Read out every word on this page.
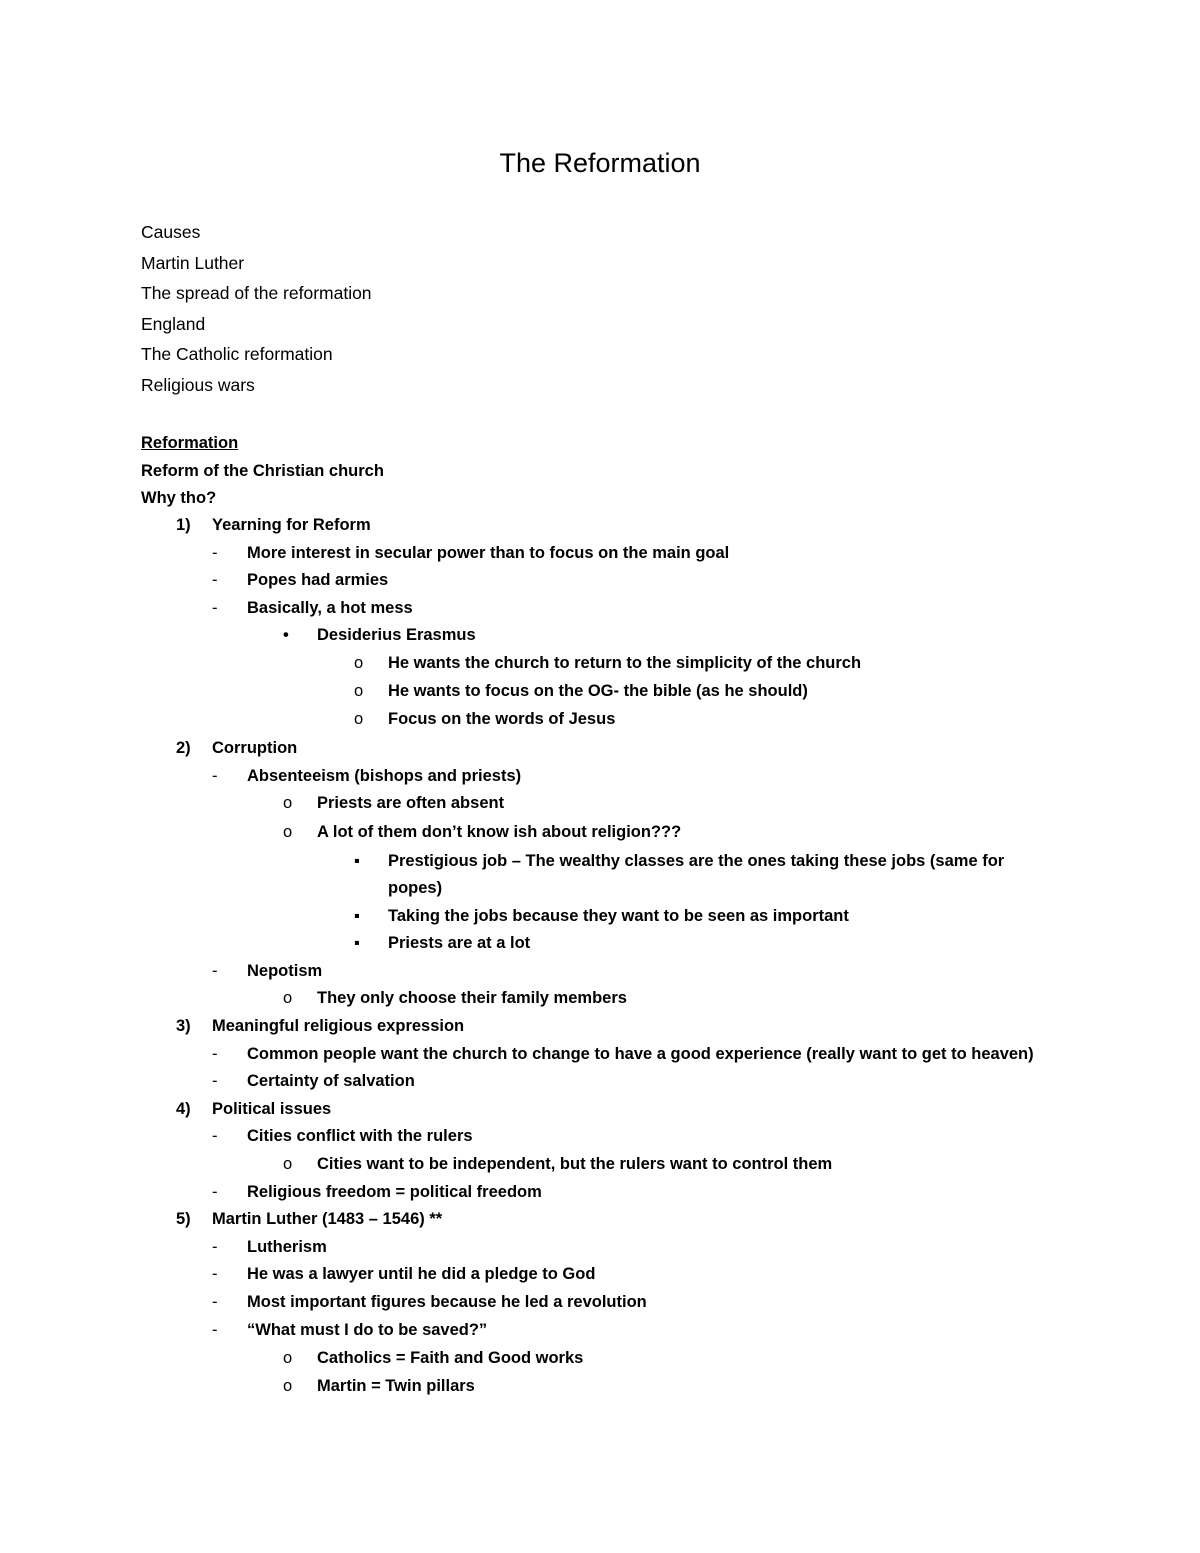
The Reformation
Causes
Martin Luther
The spread of the reformation
England
The Catholic reformation
Religious wars
Reformation
Reform of the Christian church
Why tho?
1) Yearning for Reform
- More interest in secular power than to focus on the main goal
- Popes had armies
- Basically, a hot mess
• Desiderius Erasmus
o He wants the church to return to the simplicity of the church
o He wants to focus on the OG- the bible (as he should)
o Focus on the words of Jesus
2) Corruption
- Absenteeism (bishops and priests)
o Priests are often absent
o A lot of them don’t know ish about religion???
▪ Prestigious job – The wealthy classes are the ones taking these jobs (same for
popes)
▪ Taking the jobs because they want to be seen as important
▪ Priests are at a lot
- Nepotism
o They only choose their family members
3) Meaningful religious expression
- Common people want the church to change to have a good experience (really want to get to heaven)
- Certainty of salvation
4) Political issues
- Cities conflict with the rulers
o Cities want to be independent, but the rulers want to control them
- Religious freedom = political freedom
5) Martin Luther (1483 – 1546) **
- Lutherism
- He was a lawyer until he did a pledge to God
- Most important figures because he led a revolution
- “What must I do to be saved?”
o Catholics = Faith and Good works
o Martin = Twin pillars
